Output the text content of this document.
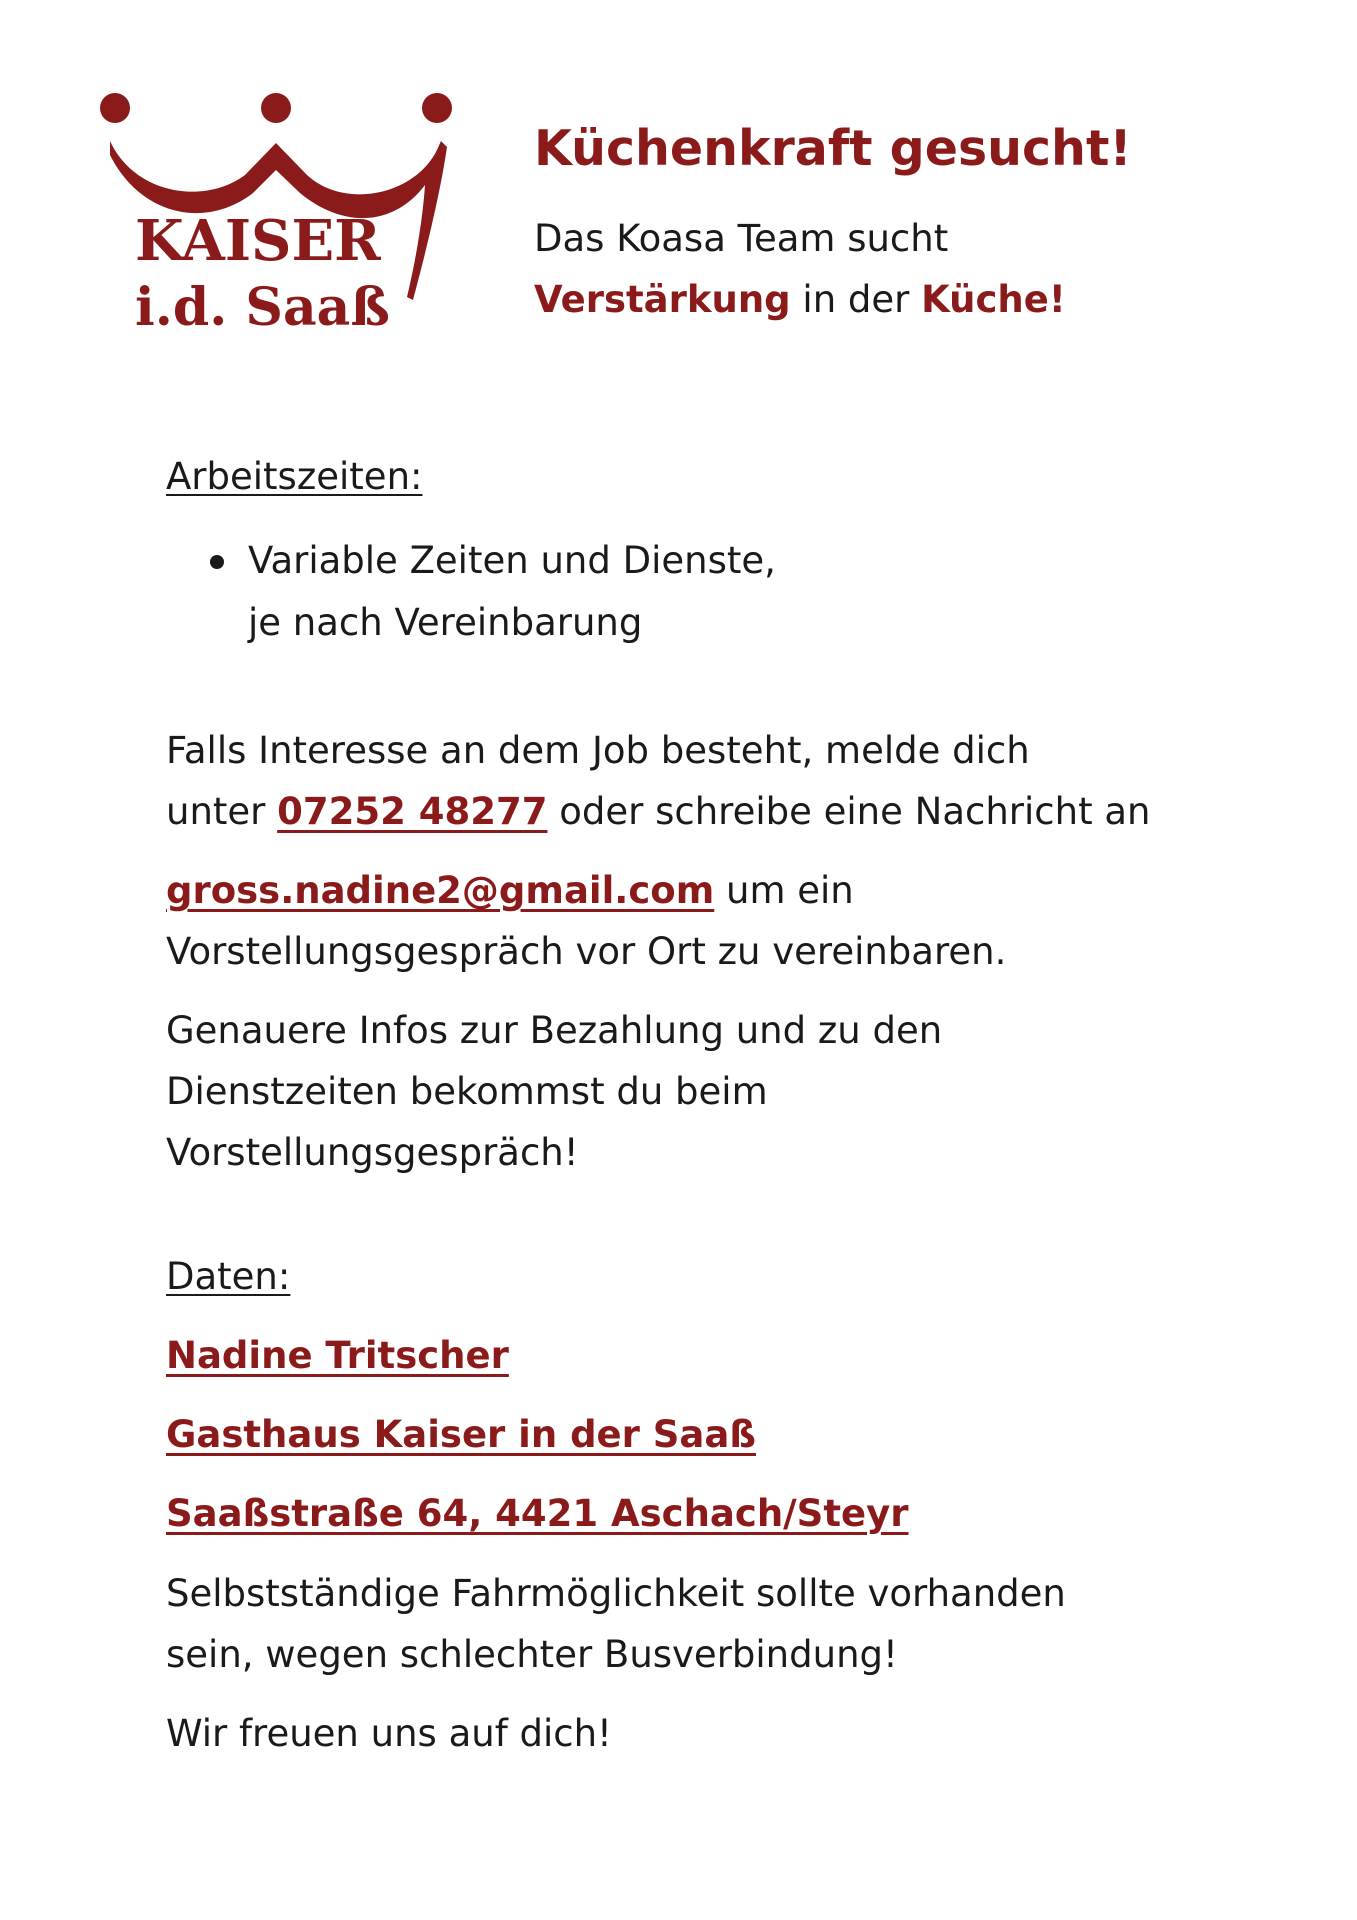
KAISER
i.d. Saaß
Küchenkraft gesucht!

Das Koasa Team sucht

Verstärkung in der Küche!

Arbeitszeiten:
Variable Zeiten und Dienste,
je nach Vereinbarung
Falls Interesse an dem Job besteht, melde dich
unter 07252 48277 oder schreibe eine Nachricht an
gross.nadine2@gmail.com um ein
Vorstellungsgespräch vor Ort zu vereinbaren.
Genauere Infos zur Bezahlung und zu den
Dienstzeiten bekommst du beim
Vorstellungsgespräch!
Daten:
Nadine Tritscher
Gasthaus Kaiser in der Saaß
Saaßstraße 64, 4421 Aschach/Steyr
Selbstständige Fahrmöglichkeit sollte vorhanden
sein, wegen schlechter Busverbindung!
Wir freuen uns auf dich!
